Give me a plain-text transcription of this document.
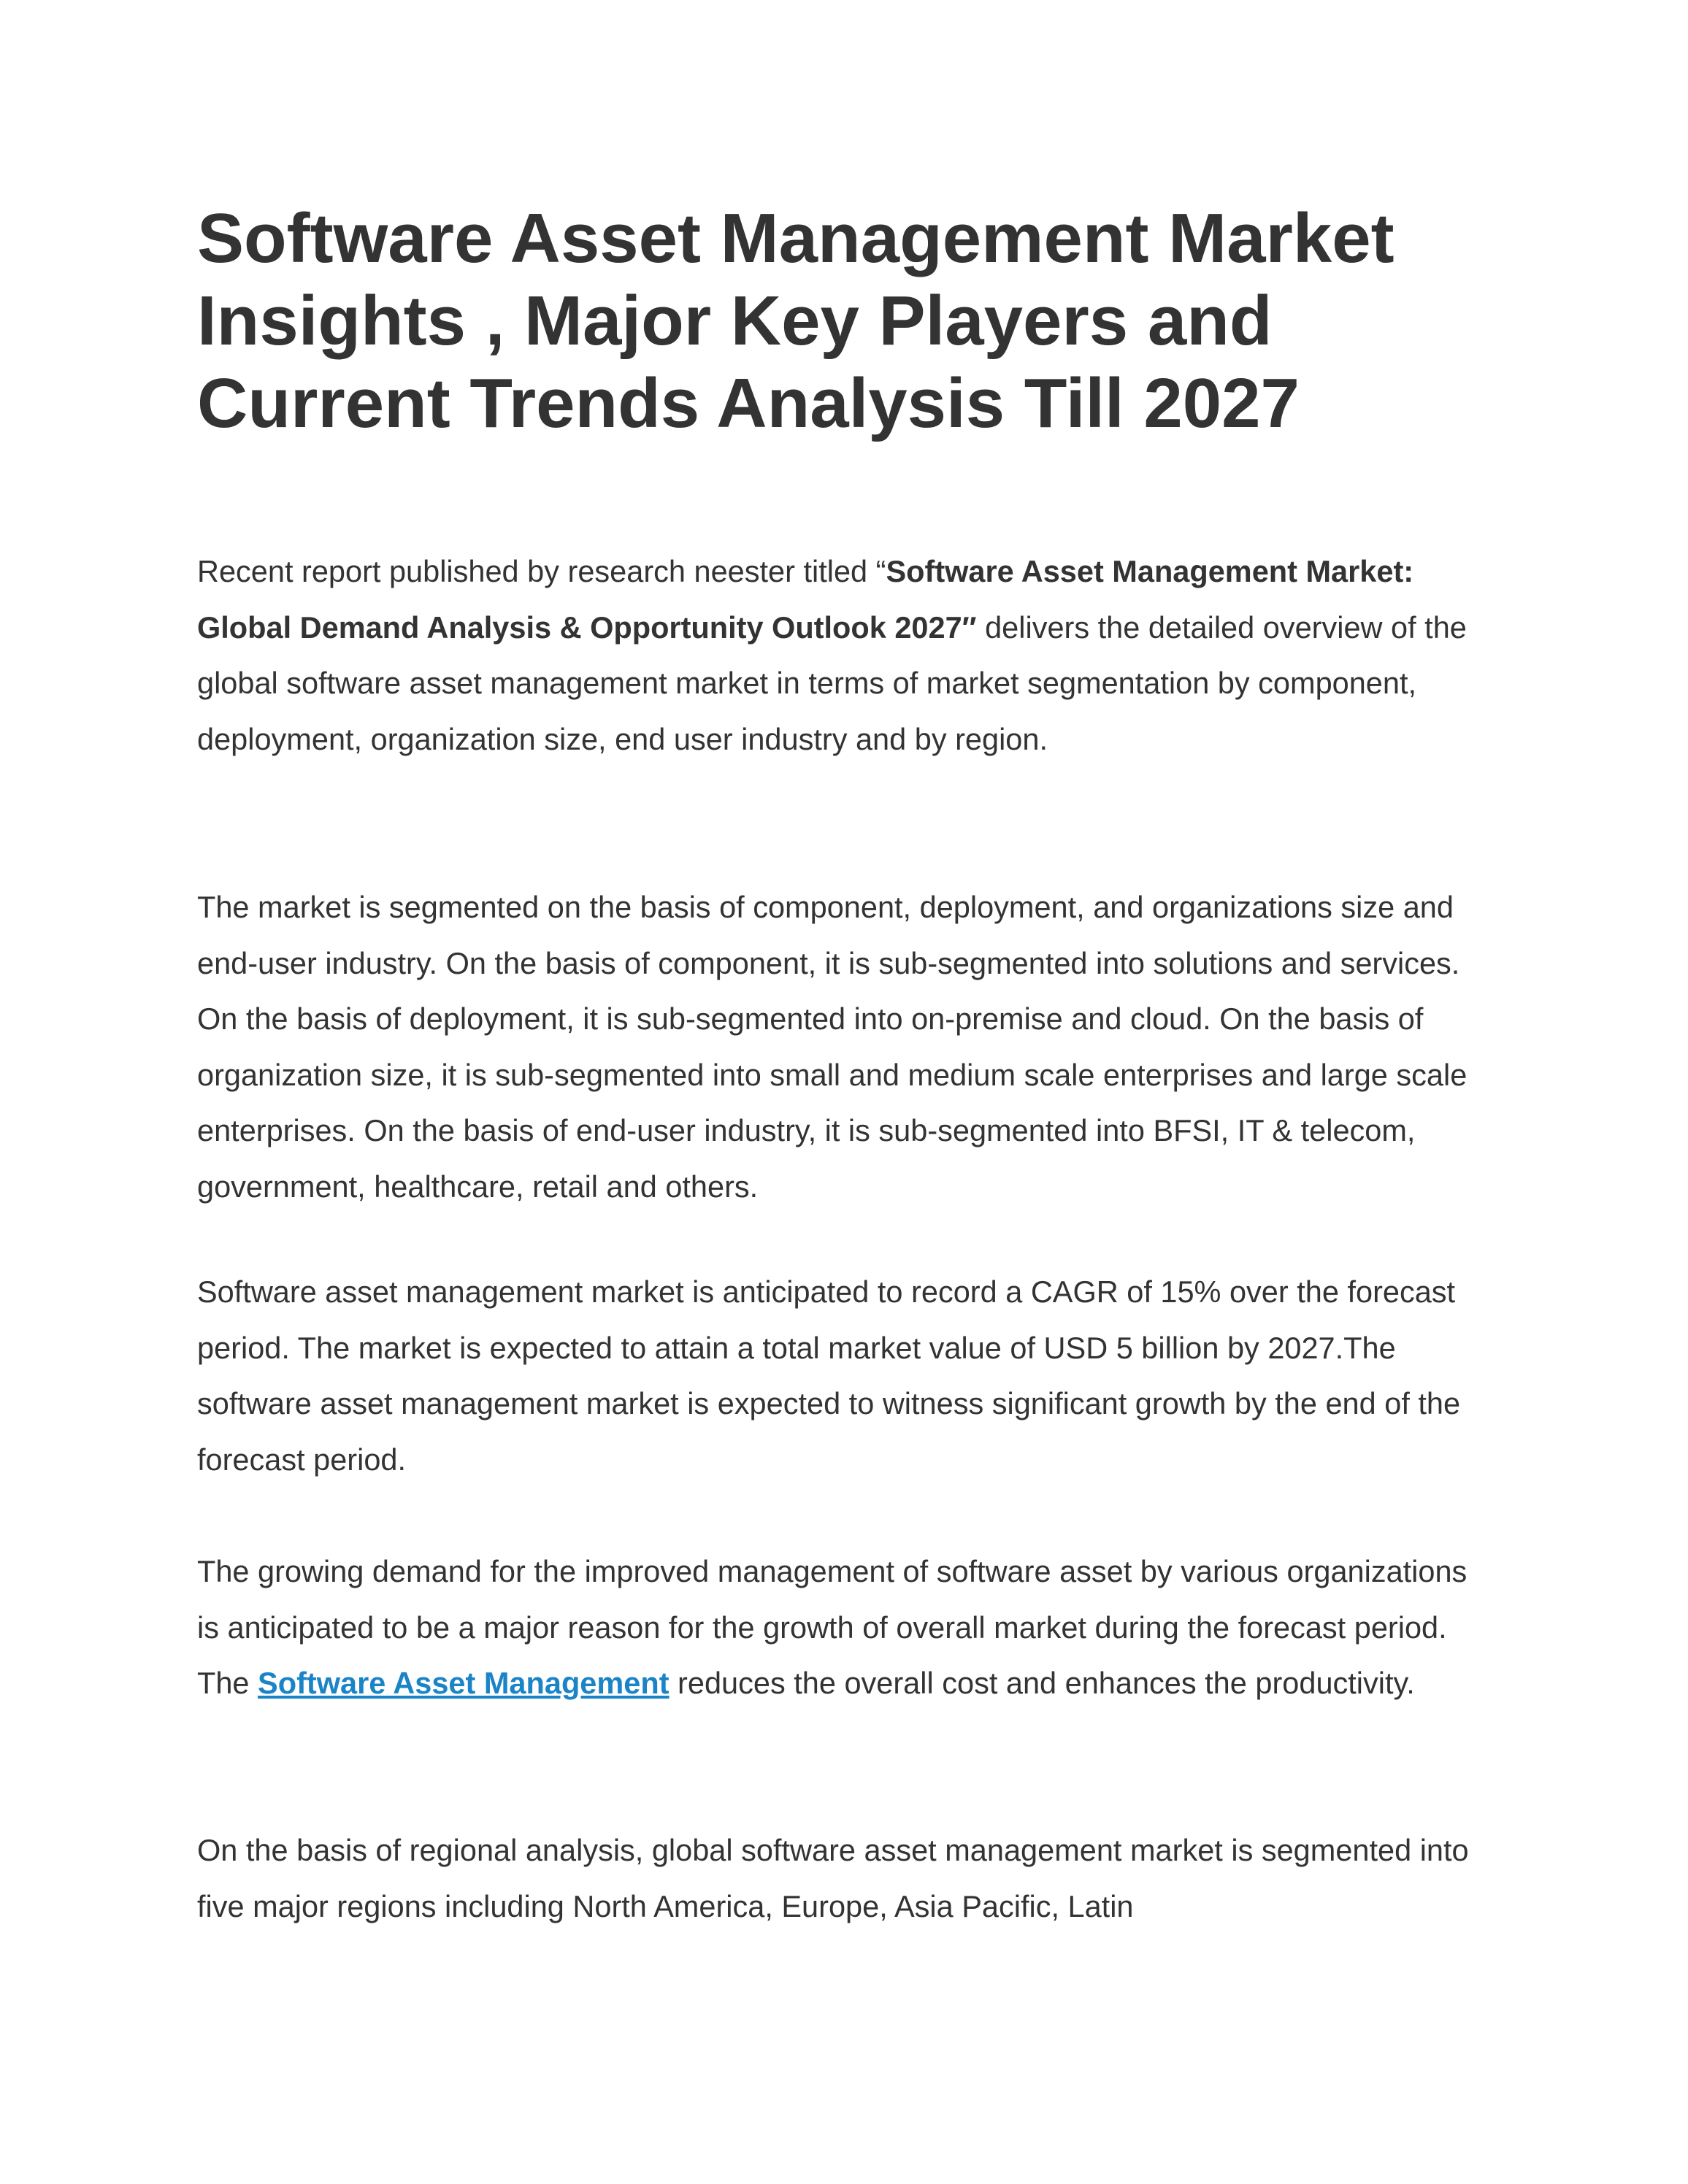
Software Asset Management Market Insights , Major Key Players and Current Trends Analysis Till 2027

Recent report published by research neester titled “Software Asset Management Market: Global Demand Analysis & Opportunity Outlook 2027″ delivers the detailed overview of the global software asset management market in terms of market segmentation by component, deployment, organization size, end user industry and by region.

The market is segmented on the basis of component, deployment, and organizations size and end-user industry. On the basis of component, it is sub-segmented into solutions and services. On the basis of deployment, it is sub-segmented into on-premise and cloud. On the basis of organization size, it is sub-segmented into small and medium scale enterprises and large scale enterprises. On the basis of end-user industry, it is sub-segmented into BFSI, IT & telecom, government, healthcare, retail and others.

Software asset management market is anticipated to record a CAGR of 15% over the forecast period. The market is expected to attain a total market value of USD 5 billion by 2027.The software asset management market is expected to witness significant growth by the end of the forecast period.

The growing demand for the improved management of software asset by various organizations is anticipated to be a major reason for the growth of overall market during the forecast period. The Software Asset Management reduces the overall cost and enhances the productivity.

On the basis of regional analysis, global software asset management market is segmented into five major regions including North America, Europe, Asia Pacific, Latin
